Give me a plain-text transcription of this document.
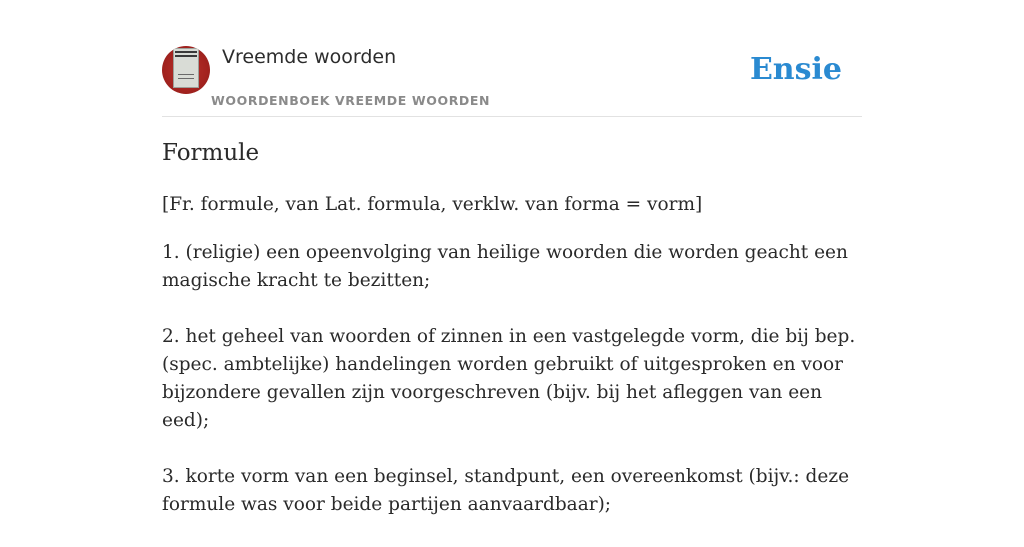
Vreemde woorden
WOORDENBOEK VREEMDE WOORDEN
Ensie
Formule
[Fr. formule, van Lat. formula, verklw. van forma = vorm]

1. (religie) een opeenvolging van heilige woorden die worden geacht een magische kracht te bezitten;

2. het geheel van woorden of zinnen in een vastgelegde vorm, die bij bep. (spec. ambtelijke) handelingen worden gebruikt of uitgesproken en voor bijzondere gevallen zijn voorgeschreven (bijv. bij het afleggen van een eed);

3. korte vorm van een beginsel, standpunt, een overeenkomst (bijv.: deze formule was voor beide partijen aanvaardbaar);
